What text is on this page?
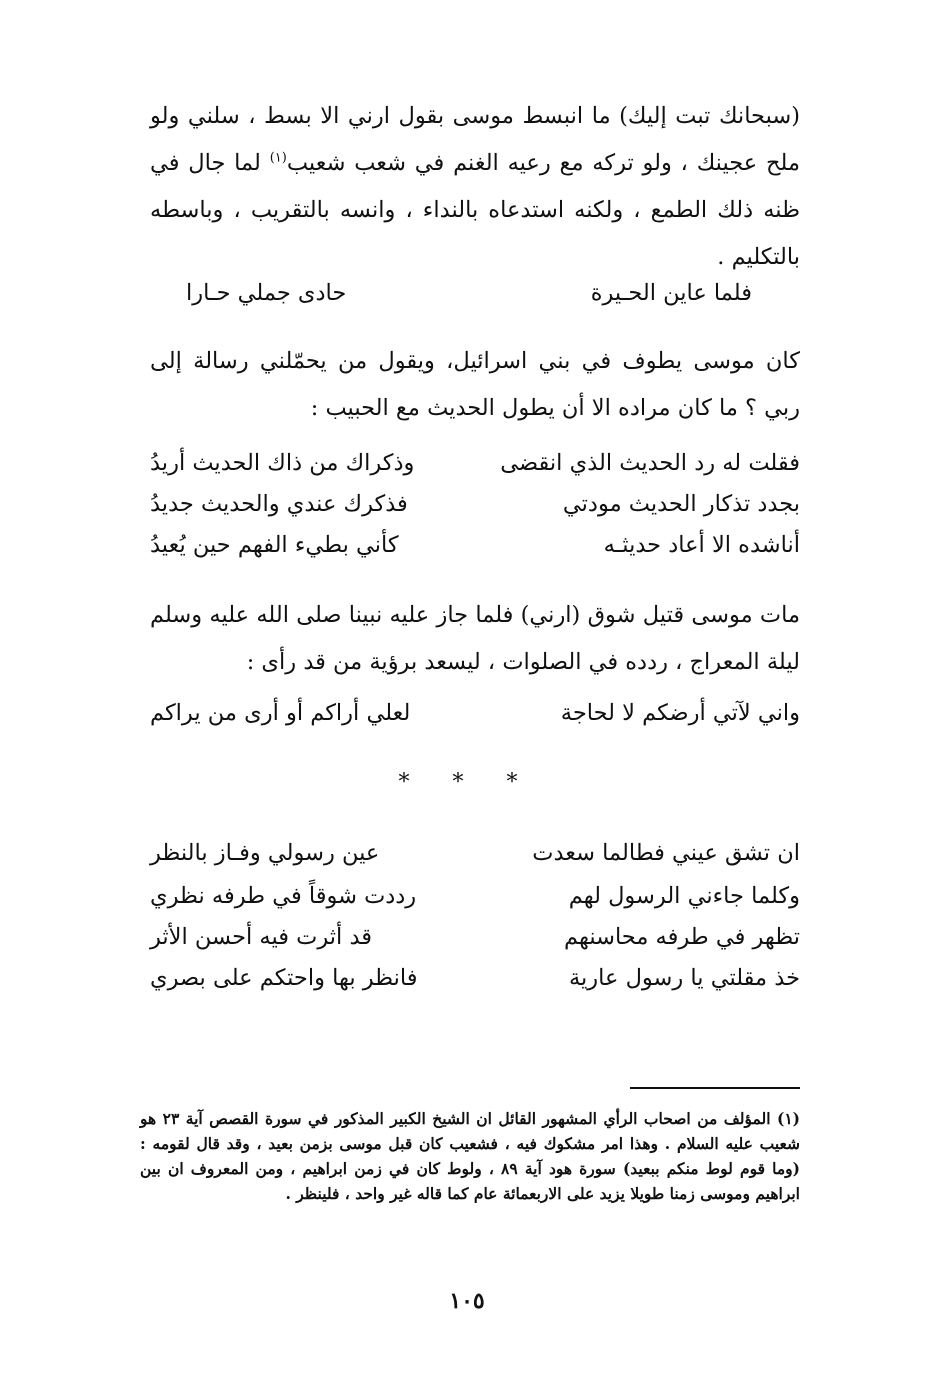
(سبحانك تبت إليك) ما انبسط موسى بقول ارني الا بسط ، سلني ولو ملح عجينك ، ولو تركه مع رعيه الغنم في شعب شعيب$^{(١)}$ لما جال في ظنه ذلك الطمع ، ولكنه استدعاه بالنداء ، وانسه بالتقريب ، وباسطه بالتكليم .

فلما عاين الحـيرة
حادى جملي حـارا

كان موسى يطوف في بني اسرائيل، ويقول من يحمّلني رسالة إلى ربي ؟ ما كان مراده الا أن يطول الحديث مع الحبيب :

فقلت له رد الحديث الذي انقضى
وذكراك من ذاك الحديث أريدُ
بجدد تذكار الحديث مودتي
فذكرك عندي والحديث جديدُ
أناشده الا أعاد حديثـه
كأني بطيء الفهم حين يُعيدُ

مات موسى قتيل شوق (ارني) فلما جاز عليه نبينا صلى الله عليه وسلم ليلة المعراج ، ردده في الصلوات ، ليسعد برؤية من قد رأى :

واني لآتي أرضكم لا لحاجة
لعلي أراكم أو أرى من يراكم
* * *
ان تشق عيني فطالما سعدت
عين رسولي وفـاز بالنظر
وكلما جاءني الرسول لهم
رددت شوقاً في طرفه نظري
تظهر في طرفه محاسنهم
قد أثرت فيه أحسن الأثر
خذ مقلتي يا رسول عارية
فانظر بها واحتكم على بصري

(١) المؤلف من اصحاب الرأي المشهور القائل ان الشيخ الكبير المذكور في سورة القصص آية ٢٣ هو شعيب عليه السلام . وهذا امر مشكوك فيه ، فشعيب كان قبل موسى بزمن بعيد ، وقد قال لقومه : (وما قوم لوط منكم ببعيد) سورة هود آية ٨٩ ، ولوط كان في زمن ابراهيم ، ومن المعروف ان بين ابراهيم وموسى زمنا طويلا يزيد على الاربعمائة عام كما قاله غير واحد ، فلينظر .

١٠٥
